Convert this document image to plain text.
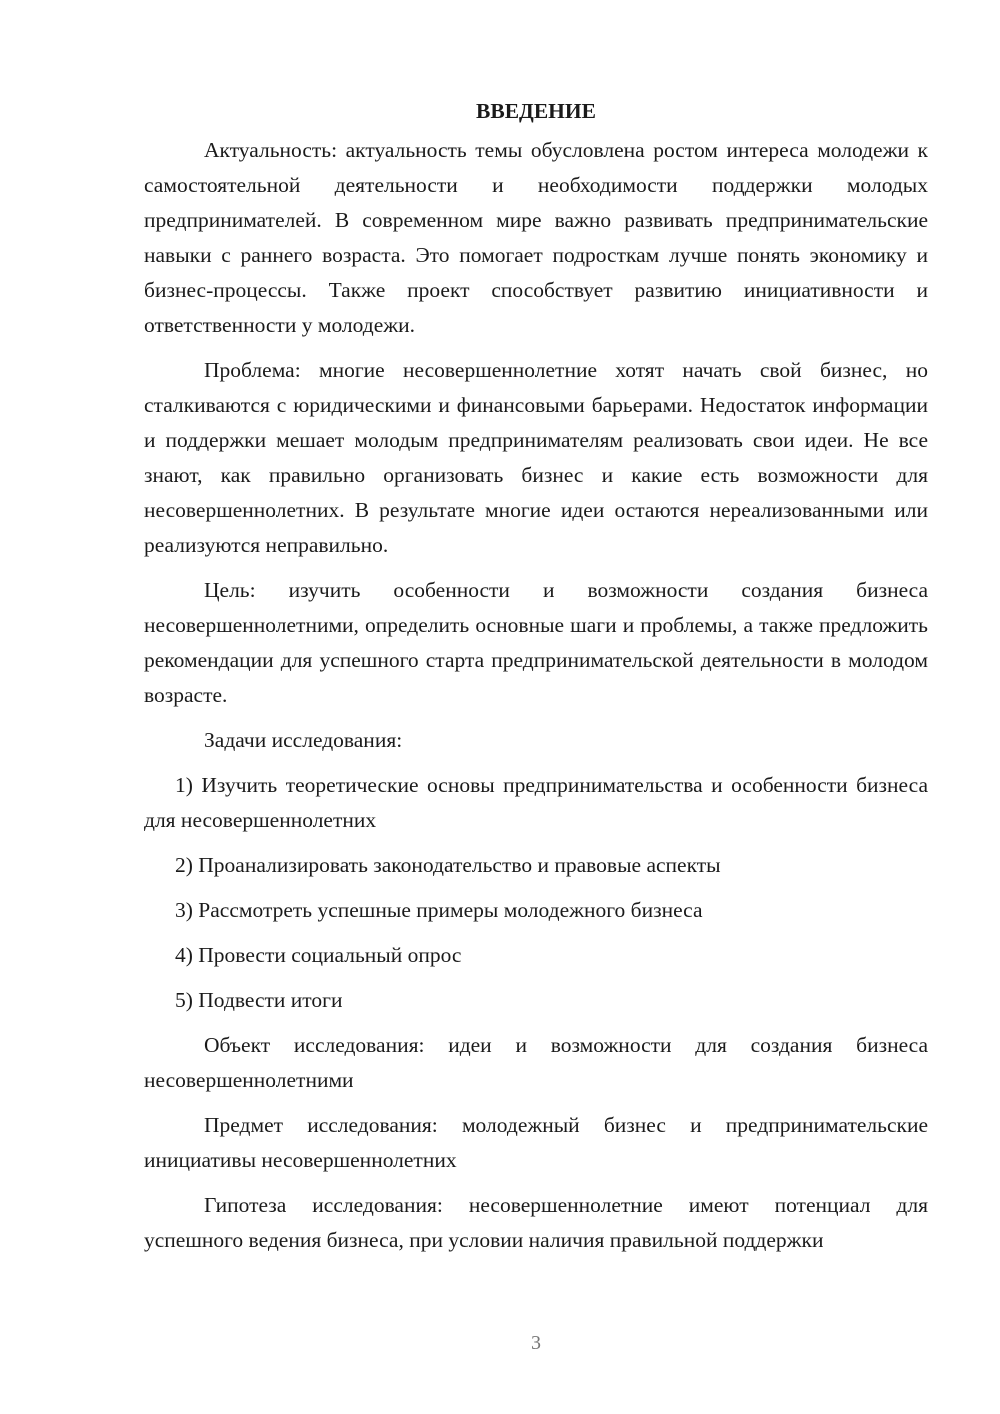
ВВЕДЕНИЕ

Актуальность: актуальность темы обусловлена ростом интереса молодежи к самостоятельной деятельности и необходимости поддержки молодых предпринимателей. В современном мире важно развивать предпринимательские навыки с раннего возраста. Это помогает подросткам лучше понять экономику и бизнес-процессы. Также проект способствует развитию инициативности и ответственности у молодежи.

Проблема: многие несовершеннолетние хотят начать свой бизнес, но сталкиваются с юридическими и финансовыми барьерами. Недостаток информации и поддержки мешает молодым предпринимателям реализовать свои идеи. Не все знают, как правильно организовать бизнес и какие есть возможности для несовершеннолетних. В результате многие идеи остаются нереализованными или реализуются неправильно.

Цель: изучить особенности и возможности создания бизнеса несовершеннолетними, определить основные шаги и проблемы, а также предложить рекомендации для успешного старта предпринимательской деятельности в молодом возрасте.

Задачи исследования:

1) Изучить теоретические основы предпринимательства и особенности бизнеса для несовершеннолетних

2) Проанализировать законодательство и правовые аспекты

3) Рассмотреть успешные примеры молодежного бизнеса

4) Провести социальный опрос

5) Подвести итоги

Объект исследования: идеи и возможности для создания бизнеса несовершеннолетними

Предмет исследования: молодежный бизнес и предпринимательские инициативы несовершеннолетних

Гипотеза исследования: несовершеннолетние имеют потенциал для успешного ведения бизнеса, при условии наличия правильной поддержки

3
